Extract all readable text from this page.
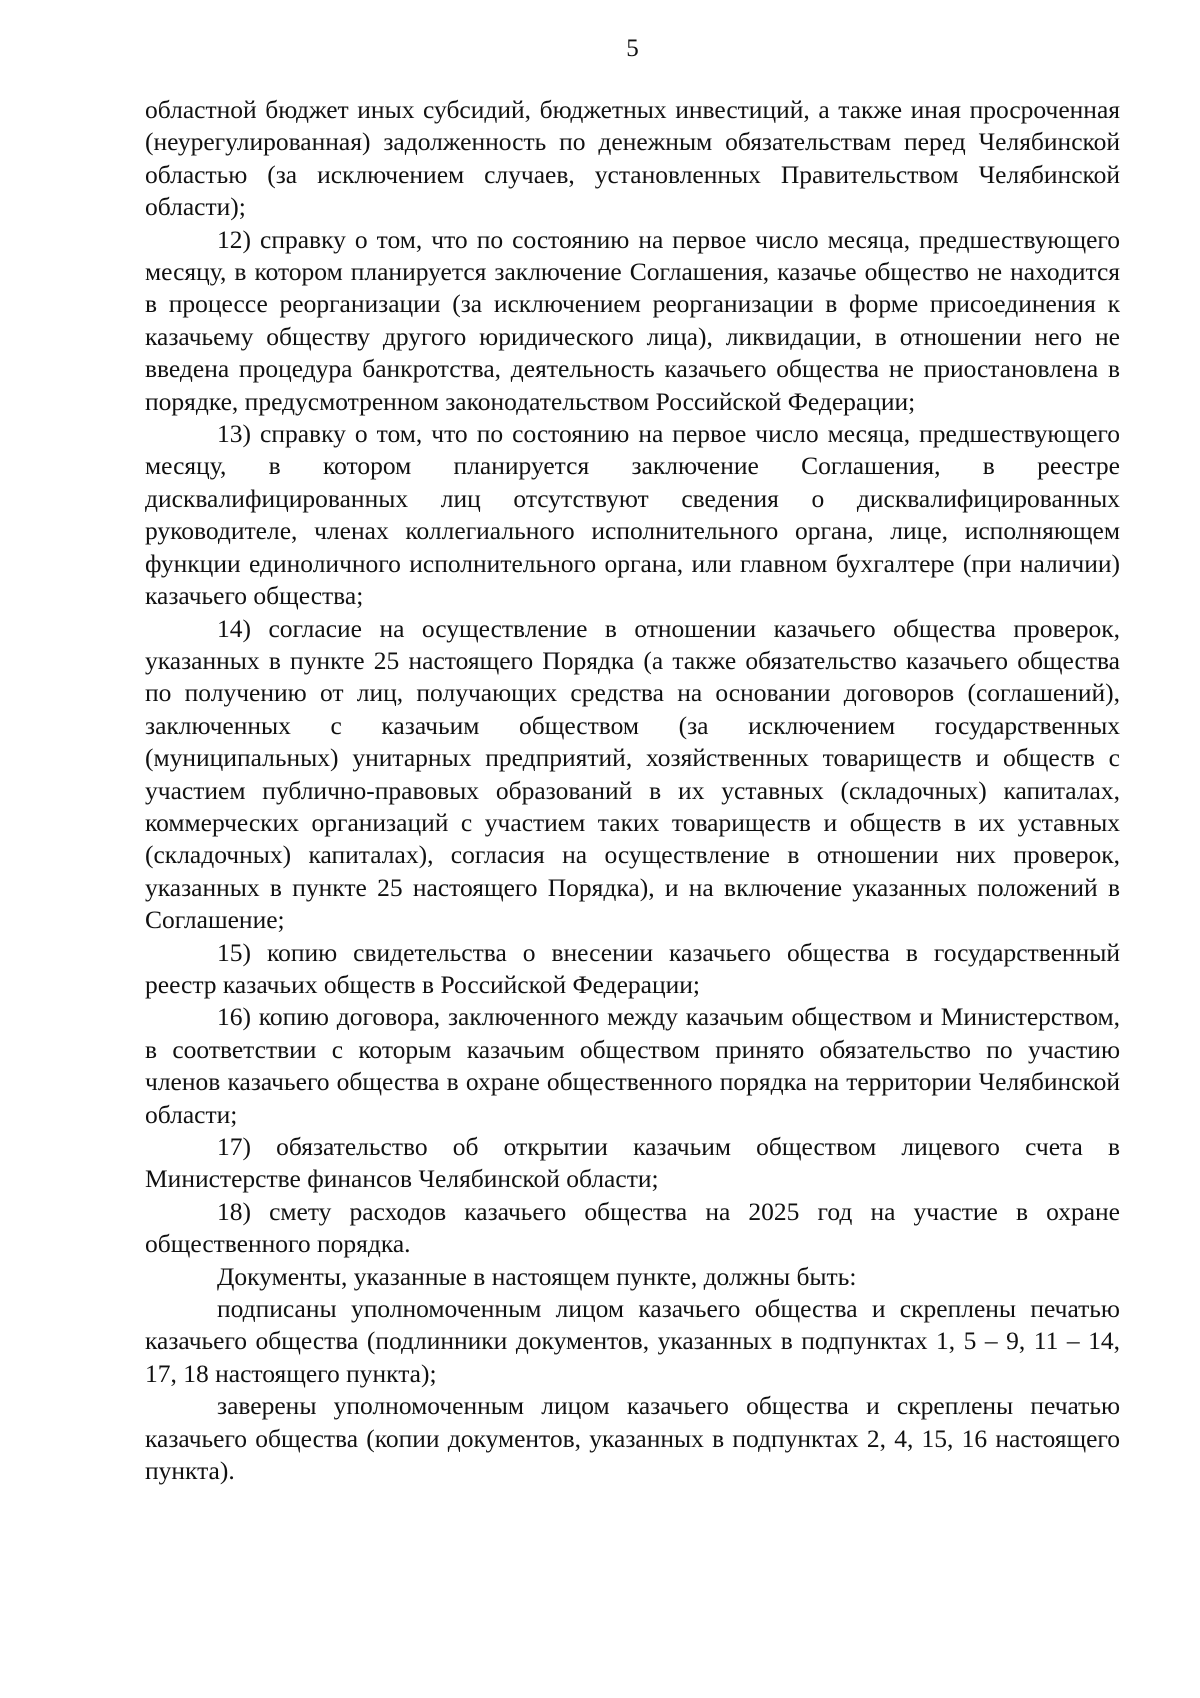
5

областной бюджет иных субсидий, бюджетных инвестиций, а также иная просроченная (неурегулированная) задолженность по денежным обязательствам перед Челябинской областью (за исключением случаев, установленных Правительством Челябинской области);

12) справку о том, что по состоянию на первое число месяца, предшествующего месяцу, в котором планируется заключение Соглашения, казачье общество не находится в процессе реорганизации (за исключением реорганизации в форме присоединения к казачьему обществу другого юридического лица), ликвидации, в отношении него не введена процедура банкротства, деятельность казачьего общества не приостановлена в порядке, предусмотренном законодательством Российской Федерации;

13) справку о том, что по состоянию на первое число месяца, предшествующего месяцу, в котором планируется заключение Соглашения, в реестре дисквалифицированных лиц отсутствуют сведения о дисквалифицированных руководителе, членах коллегиального исполнительного органа, лице, исполняющем функции единоличного исполнительного органа, или главном бухгалтере (при наличии) казачьего общества;

14) согласие на осуществление в отношении казачьего общества проверок, указанных в пункте 25 настоящего Порядка (а также обязательство казачьего общества по получению от лиц, получающих средства на основании договоров (соглашений), заключенных с казачьим обществом (за исключением государственных (муниципальных) унитарных предприятий, хозяйственных товариществ и обществ с участием публично-правовых образований в их уставных (складочных) капиталах, коммерческих организаций с участием таких товариществ и обществ в их уставных (складочных) капиталах), согласия на осуществление в отношении них проверок, указанных в пункте 25 настоящего Порядка), и на включение указанных положений в Соглашение;

15) копию свидетельства о внесении казачьего общества в государственный реестр казачьих обществ в Российской Федерации;

16) копию договора, заключенного между казачьим обществом и Министерством, в соответствии с которым казачьим обществом принято обязательство по участию членов казачьего общества в охране общественного порядка на территории Челябинской области;

17) обязательство об открытии казачьим обществом лицевого счета в Министерстве финансов Челябинской области;

18) смету расходов казачьего общества на 2025 год на участие в охране общественного порядка.

Документы, указанные в настоящем пункте, должны быть:

подписаны уполномоченным лицом казачьего общества и скреплены печатью казачьего общества (подлинники документов, указанных в подпунктах 1, 5 – 9, 11 – 14, 17, 18 настоящего пункта);

заверены уполномоченным лицом казачьего общества и скреплены печатью казачьего общества (копии документов, указанных в подпунктах 2, 4, 15, 16 настоящего пункта).
